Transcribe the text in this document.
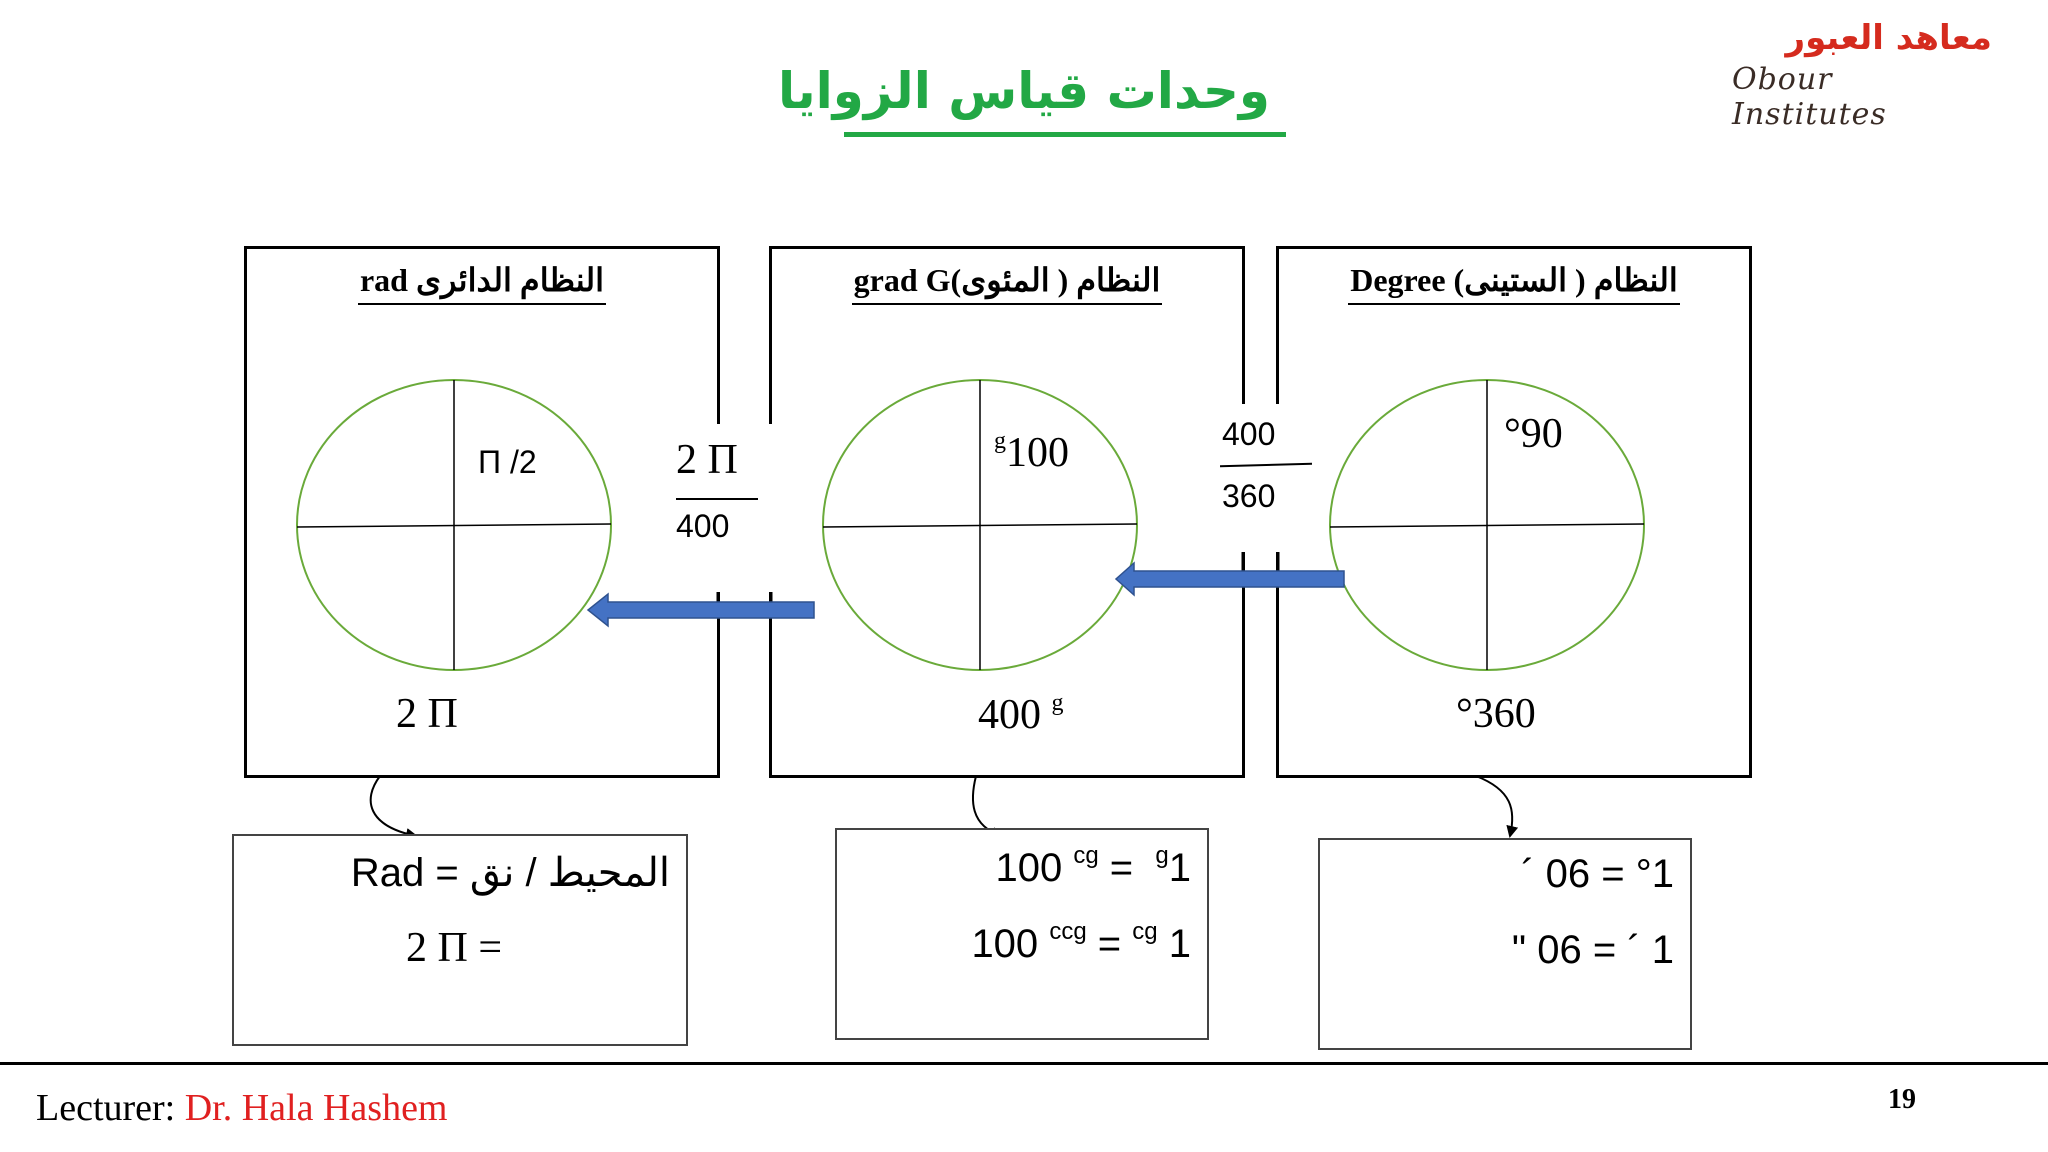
وحدات قياس الزوايا
معاهد العبور
Obour Institutes
rad النظام الدائرى	grad G(المئوى ) النظام	Degree (الستينى ) النظام
Π /2
2 Π
$^g$100
400 $^g$
°90
°360
2 Π
400
400
360
المحيط / نق = Rad
2 Π =
100 $^{cg}$ =  $^g$1
100 $^{ccg}$ = $^{cg}$ 1
1° = 60 ´
1 ´ = 60 "
Lecturer: Dr. Hala Hashem	19
